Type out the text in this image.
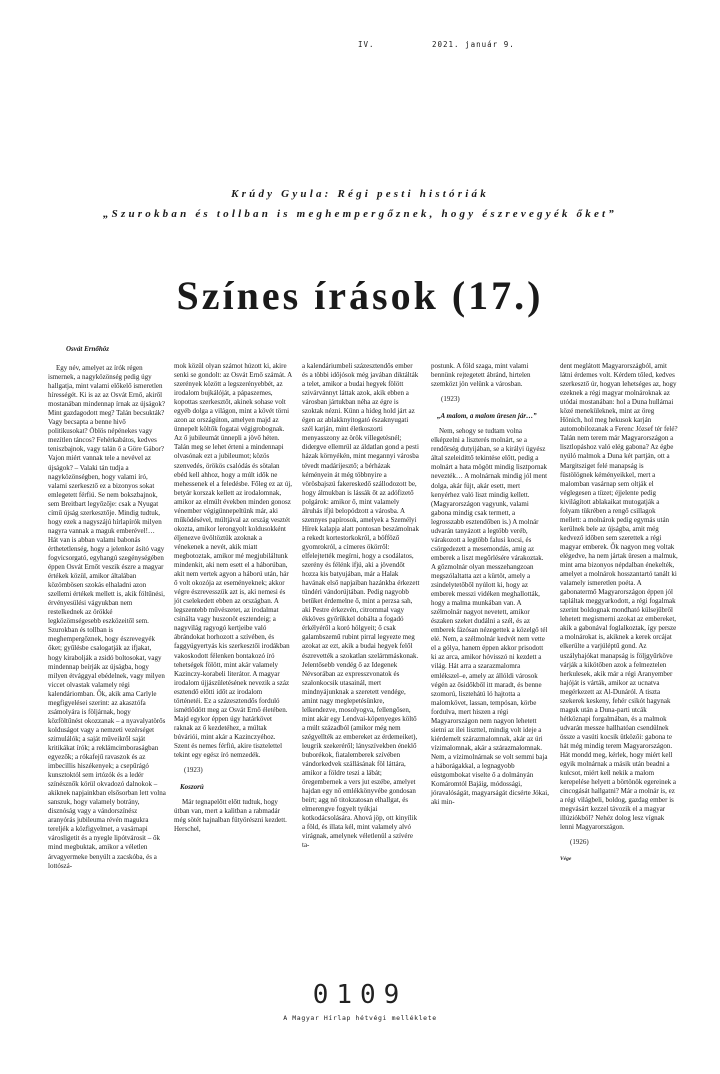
IV.	2021. január 9.
Krúdy Gyula: Régi pesti históriák
„Szurokban és tollban is meghempergőznek, hogy észrevegyék őket”
Színes írások (17.)
Osvát Ernőhöz

Egy név, amelyet az írók régen ismernek, a nagyközönség pedig úgy hallgatja, mint valami előkelő ismeretlen hírességét. Ki is az az Osvát Ernő, akiről mostanában mindennap írnak az újságok? Mint gazdagodott meg? Talán becsukták? Vagy becsapta a benne hivő politikusokat? Öblös népénekes vagy mezítlen táncos? Fehérkabátos, kedves teniszbajnok, vagy talán ő a Göre Gábor? Vajon miért vannak tele a nevével az újságok? – Valaki tán tudja a nagyközönségben, hogy valami író, valami szerkesztő ez a bizonyos sokat emlegetett férfiú. Se nem bokszbajnok, sem Breitbart legyőzője: csak a Nyugat című újság szerkesztője. Mindig tudtuk, hogy ezek a nagyszájú hírlapírók milyen nagyra vannak a maguk emberével!… Hát van is abban valami babonás érthetetlenség, hogy a jelenkor ásító vagy fogvicsorgató, egyhangú szegénységében éppen Osvát Ernőt veszik észre a magyar értékek közül, amikor általában közömbösen szokás elhaladni azon szellemi értékek mellett is, akik föltűnési, érvényesülési vágyukban nem restelkednek az örökké legközömségesebb eszközeitől sem. Szurokban és tollban is meghempergőznek, hogy észrevegyék őket; gyűlésbe csalogatják az ifjakat, hogy kirabolják a zsidó boltosokat, vagy mindennap beírják az újságba, hogy milyen étvággyal ebédelnek, vagy milyen viccet olvastak valamely régi kalendáriomban. Ők, akik ama Carlyle megfigyelései szerint: az akasztófa zsámolyára is följárnak, hogy közföltűnést okozzanak – a nyavalyatörős kolduságot vagy a nemzeti vezérséget szimulálók; a saját műveikről saját kritikákat írók; a reklámcimboraságban egyezők; a rókafejű ravaszok és az imbecillis hiszékenyek; a csepűrágó kunsztoktól sem irtózók és a ledér színésznők körül okvadozó dalnokok – akiknek napjainkban elsősorban lett volna sanszuk, hogy valamely botrány, disznóság vagy a vándorszínész aranyórás jubileuma révén magukra tereljék a közfigyelmet, a vasárnapi városligetit és a nyegle lipótvárosit – ők mind megbuktak, amikor a véletlen árvagyermeke benyúlt a zacskóba, és a lottószá-

mok közül olyan számot húzott ki, akire senki se gondolt: az Osvát Ernő számát. A szerények között a legszerényebbét, az irodalom bujkálóját, a pápaszemes, kopottas szerkesztőt, akinek sohase volt egyéb dolga a világon, mint a kövét törni azon az országúton, amelyen majd az ünnepelt költők fogatai végigrobognak. Az ő jubileumát ünnepli a jövő héten. Talán meg se lehet érteni a mindennapi olvasónak ezt a jubileumot; közös szenvedés, örökös csalódás és sötalan ebéd kell ahhoz, hogy a múlt idők ne mehessenek el a feledésbe. Főleg ez az új, betyár korszak kellett az irodalomnak, amikor az elmúlt években minden gonosz vénember végigünnepeltünk már, aki működésével, múltjával az ország vesztét okozta, amikor lerongyolt koldusokként éljenezve üvöltöztük azoknak a vénekenek a nevét, akik miatt megbotoztak, amikor mé megjubiláltunk mindenkit, aki nem esett el a háborúban, akit nem vertek agyon a háború után, hár ő volt okozója az eseményeknek; akkor végre észrevesszük azt is, aki nemesi és jót cselekedett ebben az országban. A legszentebb művészetet, az irodalmat csinálta vagy huszonöt esztendeig; a nagyvilág ragyogó kertjeibe való ábrándokat horhozott a szívében, és faggyúgyertyás kis szerkesztői irodákban vakoskodott félenken bontakozó író tehetségek fölött, mint akár valamely Kazinczy-korabeli literátor. A magyar irodalom újjászületésének nevezik a száz esztendő előtti időt az irodalom történetéi. Ez a százesztendős forduló ismétlődött meg az Osvát Ernő életében. Majd egykor éppen úgy határkövet raknak az ő kezdetéhez, a múltak búváriói, mint akár a Kazinczyéhoz. Szent és nemes férfiú, akire tisztelettel tekint egy egész író nemzedék.

(1923)
Koszorú

Már tegnapelőtt előtt tudtuk, hogy útban van, mert a kalitban a rabmadár még sötét hajnalban fütyörészni kezdett. Herschel,

a kalendáriumbeli százesztendős ember és a többi időjósok még javában diktálták a telet, amikor a budai hegyek fölött szivárvánnyt láttak azok, akik ebben a városban jártukban néha az égre is szoktak nézni. Künn a hideg hold járt az égen az ablakknyitogató északnyugati szél karján, mint életkoszorti menyasszony az örök villegetésnél; didergve ellemrül az áldatlan gond a pesti házak környékén, mint megannyi városba tévedt madárijesztő; a bérházak kéményein át még többnyire a vörösbajszú fakereskedő szállodozott be, hogy álmukban is lássák őt az adófizető polgárok: amikor ő, mint valamely álruhás ifjú belopódzott a városba. A szennyes papírosok, amelyek a Személyi Hírek kalapja alatt pontosan beszámolnak a rekedt kortestorkokról, a böfföző gyomrokról, a címeres ökörről: elfelejtették megírni, hogy a csodálatos, szerény és félénk ifjú, aki a jövendőt hozza kis batyujában, már a Halak havának első napjaiban hazánkba érkezett tündéri vándorújtában. Pedig nagyobb betűket érdemelne ő, mint a perzsa sah, aki Pestre érkezvén, citrommal vagy ékköves győrűkkel dobálta a fogadó érkélyéről a koró hölgyeit; ő csak galambszemű rubint pirral legyezte meg azokat az ezt, akik a budai hegyek felől észrevették a szokatlan szelárnmáskonak. Jelentősebb vendég ő az Idegenek Névsorában az expresszvonatok és szalonkocsik utasainál, mert mindnyájunknak a szeretett vendége, amint nagy meglepetésünkre, lelkendezve, mosolyogva, fellengősen, mint akár egy Lendvai-köpenyeges költő a múlt századból (amikor még nem szégyellték az embereket az érdemeiket), leugrik szekeréről; lányszívekben éneklő buborékok, fiatalemberek szívében vándorkedvek szállásának föl láttára, amikor a földre teszi a lábát; öregembernek a vers jut eszébe, amelyet hajdan egy nő emlékkönyvébe gondosan beírt; agg nő titokzatosan elhallgat, és elmerengve fogyelt tyúkjai kotkodácsolására. Ahová jöp, ott kinyílik a föld, és illata kél, mint valamely alvó virágnak, amelynek véletlenül a szívére ta-

postunk. A föld szaga, mint valami bennünk rejtegetett ábránd, hirtelen szemközt jön velünk a városban.

(1923)
„A malom, a malom üresen jár…”

Nem, sehogy se tudtam volna elképzelni a liszterés molnárt, se a rendőrség dutyijában, se a királyi ügyész által szeleidíttő tekintése előtt, pedig a molnárt a hata mögött mindig lisztpornak nevezték… A molnárnak mindig jól ment dolga, akár fújt, akár esett, mert kenyérhez való liszt mindig kellett. (Magyarországon vagyunk, valami gabona mindig csak termett, a legrosszabb esztendőben is.) A molnár udvarán tanyázott a legtöbb veréb, várakozott a legtöbb falusi kocsi, és csörgedezett a mesemondás, amig az emberek a liszt megőrlésére várakoztak. A gőzmolnár olyan messzehangzoan megszólaltatta azt a kürtöt, amely a zsindelytetőből nyúlott ki, hogy az emberek messzi vidéken meghallották, hogy a malma munkában van. A szélmolnár nagyot nevetett, amikor északen szeket dudálni a szél, és az emberek fázósan nézegettek a közelgő tél elé. Nem, a szélmolnár kedvét nem vette el a gólya, hanem éppen akkor prisodott ki az arca, amikor hóvisszó ni kezdett a világ. Hát arra a szarazmalomra emlékszel–e, amely az állóldi városok végén az ősidőkből itt maradt, és benne szomorú, lisztehátú ló hajtotta a malomkövet, lassan, tempósan, körbe fordulva, mert hiszen a régi Magyarországon nem nagyon lehetett sietni az ilei liszttel, mindig volt ideje a kiérdemelt szárazmalomnak, akár az úri vízimalomnak, akár a szárazmalomnak. Nem, a vízimolnárnak se volt semmi baja a háborágakkal, a legnagyobb eüstgombokat viselte ő a dolmányán Komáromtól Bajáig, módossági, jóravalóságát, magyarságát dicsérte Jókai, aki min-

dent meglátott Magyarországból, amit látni érdemes volt. Kérdem tőled, kedves szerkesztő úr, hogyan lehetséges az, hogy ezeknek a régi magyar molnároknak az utódai mostanában: hol a Duna hullámai közé meneküleknek, mint az öreg Hönich, hol meg hekusok karján automobilozanak a Ferenc József tér felé? Talán nem terem már Magyarországon a lisztlopáshoz való elég gabona? Az égbe nyúló malmok a Duna két partján, ott a Margitsziget felé manapság is füstölögnek kéményeikkel, mert a malomban vasárnap sem oltják el véglegesen a tüzet; éjjelente pedig kivilágított ablakaikat mutogatják a folyam tükrében a rengő csillagok mellett: a molnárok pedig egymás után kerülnek bele az újságba, amit még kedvező időben sem szerettek a régi magyar emberek. Ők nagyon meg voltak elégedve, ha nem jártak üresen a malmuk, mint ama bizonyos népdalban énekelték, amelyet a molnárok hosszantartó tanált ki valamely ismeretlen poéta. A gabonatermő Magyarországon éppen jól tapláltak meggyarkodott, a régi fogalmak szerint boldognak mondható külsejűbről lehetett megismerni azokat az embereket, akik a gabonával foglalkoztak, így persze a molnárokat is, akiknek a kerek orcájat elkerülte a varjúléptű gond. Az uszályhajókat manapság is följgyűrköve várják a kikötőben azok a felmeztelen herkulesek, akik már a régi Aranyember hajóját is várták, amikor az ucnatva megérkezett az Al-Dunáról. A tiszta szekerek keskeny, fehér csikót hagynak maguk után a Duna-parti utcák hétköznapi forgalmában, és a malmok udvarán messze hallhatóan csendülnek össze a vasúti kocsik ütközői: gabona te hát még mindig terem Magyarországon. Hát mondd meg, kérlek, hogy miért kell egyik molnárnak a másik után beadni a kulcsot, miért kell nekik a malom kerepelése helyett a börtönök egereinek a cincogását hallgatni? Már a molnár is, ez a régi világbeli, boldog, gazdag ember is megvásárt kezzel távozik el a magyar illúziókból? Nehéz dolog lesz vígnak lenni Magyarországon.

(1926)
Vége
0109
A Magyar Hírlap hétvégi melléklete
